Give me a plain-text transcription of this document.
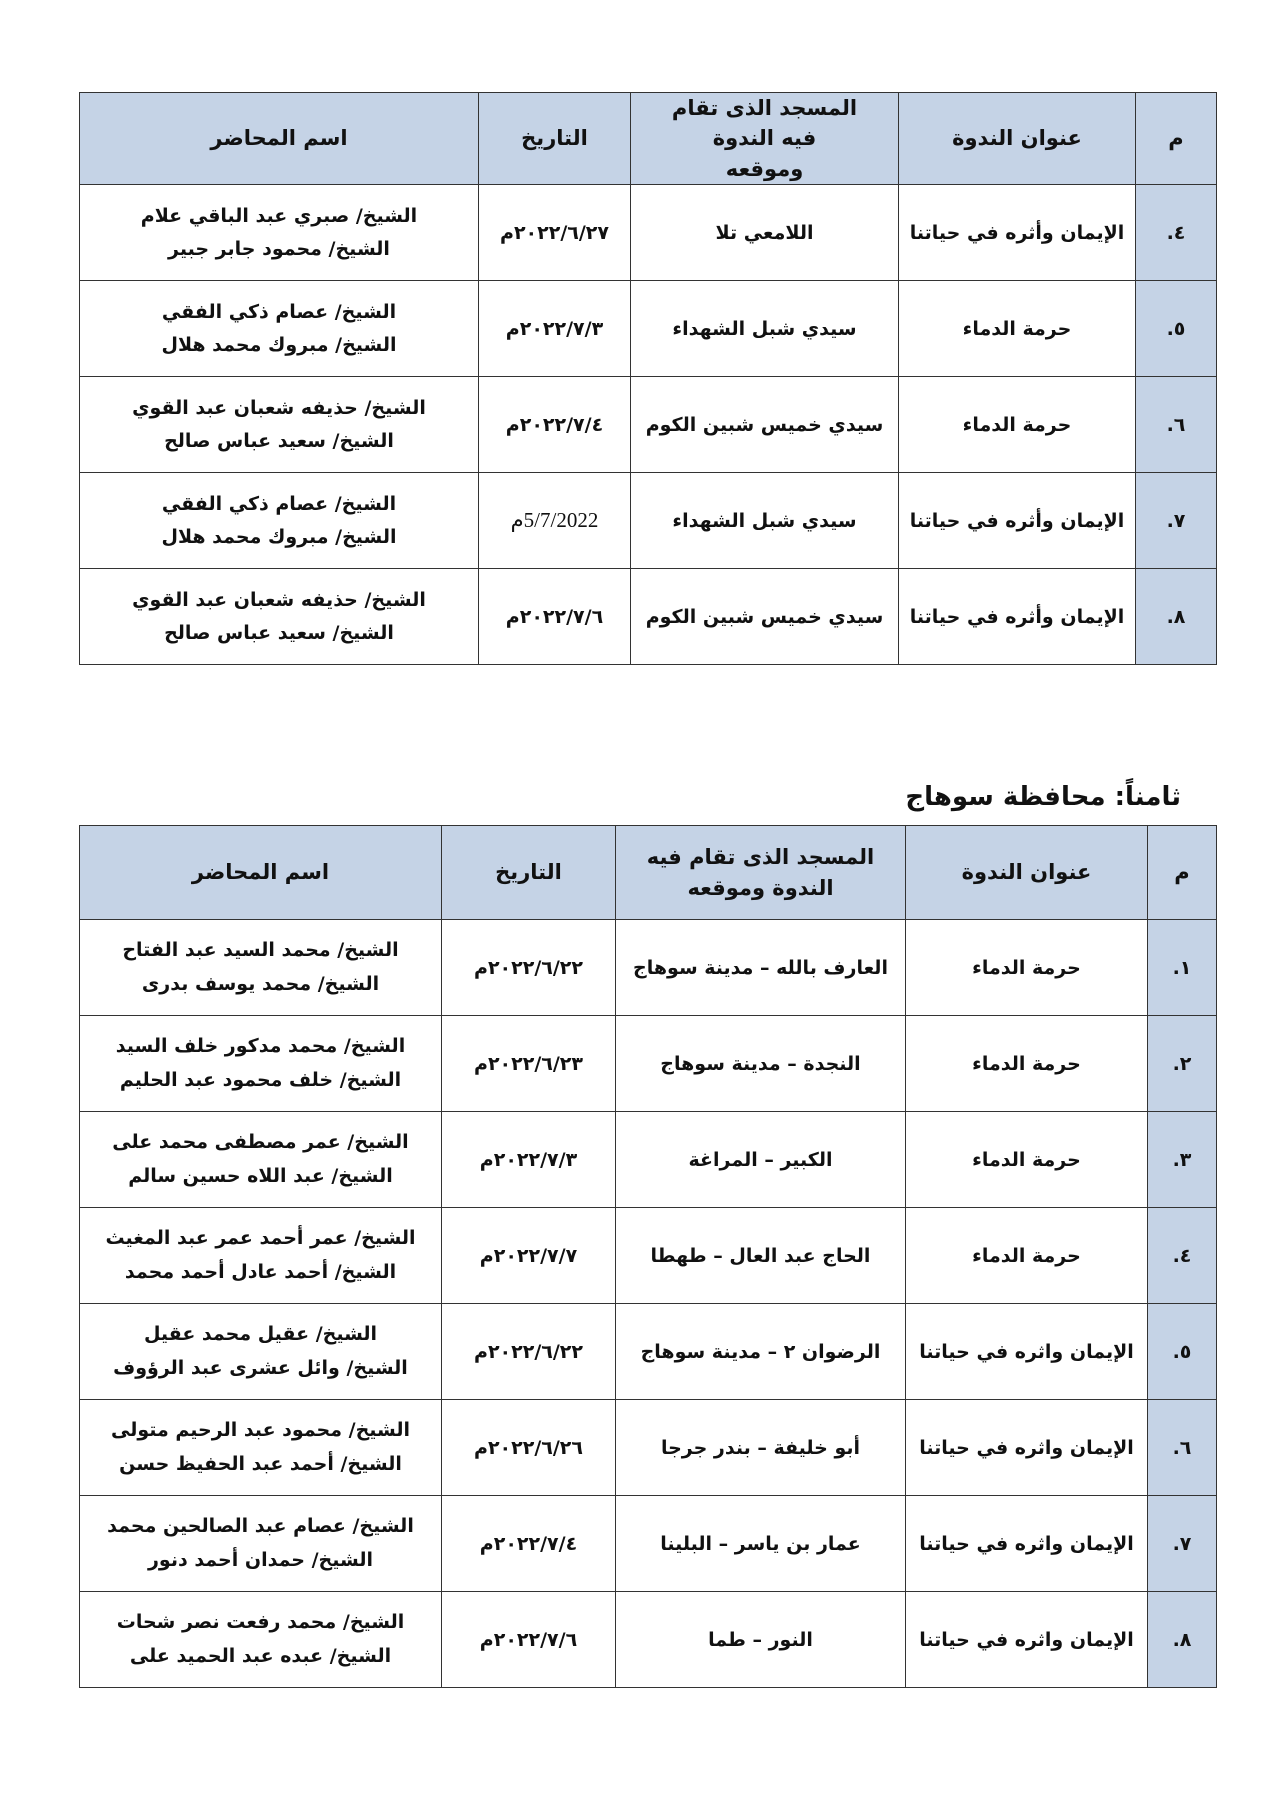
م	عنوان الندوة	المسجد الذى تقام فيه الندوة وموقعه	التاريخ	اسم المحاضر
٤.	الإيمان وأثره في حياتنا	اللامعي تلا	٢٠٢٢/٦/٢٧م	الشيخ/ صبري عبد الباقي علام
الشيخ/ محمود جابر جبير

٥.	حرمة الدماء	سيدي شبل الشهداء	٢٠٢٢/٧/٣م	الشيخ/ عصام ذكي الفقي
الشيخ/ مبروك محمد هلال

٦.	حرمة الدماء	سيدي خميس شبين الكوم	٢٠٢٢/٧/٤م	الشيخ/ حذيفه شعبان عبد القوي
الشيخ/ سعيد عباس صالح

٧.	الإيمان وأثره في حياتنا	سيدي شبل الشهداء	5/7/2022م	الشيخ/ عصام ذكي الفقي
الشيخ/ مبروك محمد هلال

٨.	الإيمان وأثره في حياتنا	سيدي خميس شبين الكوم	٢٠٢٢/٧/٦م	الشيخ/ حذيفه شعبان عبد القوي
الشيخ/ سعيد عباس صالح
ثامناً: محافظة سوهاج
م	عنوان الندوة	المسجد الذى تقام فيه الندوة وموقعه	التاريخ	اسم المحاضر
١.	حرمة الدماء	العارف بالله – مدينة سوهاج	٢٠٢٢/٦/٢٢م	الشيخ/ محمد السيد عبد الفتاح
الشيخ/ محمد يوسف بدرى

٢.	حرمة الدماء	النجدة – مدينة سوهاج	٢٠٢٢/٦/٢٣م	الشيخ/ محمد مدكور خلف السيد
الشيخ/ خلف محمود عبد الحليم

٣.	حرمة الدماء	الكبير – المراغة	٢٠٢٢/٧/٣م	الشيخ/ عمر مصطفى محمد على
الشيخ/ عبد اللاه حسين سالم

٤.	حرمة الدماء	الحاج عبد العال – طهطا	٢٠٢٢/٧/٧م	الشيخ/ عمر أحمد عمر عبد المغيث
الشيخ/ أحمد عادل أحمد محمد

٥.	الإيمان واثره في حياتنا	الرضوان ٢ – مدينة سوهاج	٢٠٢٢/٦/٢٢م	الشيخ/ عقيل محمد عقيل
الشيخ/ وائل عشرى عبد الرؤوف

٦.	الإيمان واثره في حياتنا	أبو خليفة – بندر جرجا	٢٠٢٢/٦/٢٦م	الشيخ/ محمود عبد الرحيم متولى
الشيخ/ أحمد عبد الحفيظ حسن

٧.	الإيمان واثره في حياتنا	عمار بن ياسر – البلينا	٢٠٢٢/٧/٤م	الشيخ/ عصام عبد الصالحين محمد
الشيخ/ حمدان أحمد دنور

٨.	الإيمان واثره في حياتنا	النور – طما	٢٠٢٢/٧/٦م	الشيخ/ محمد رفعت نصر شحات
الشيخ/ عبده عبد الحميد على
